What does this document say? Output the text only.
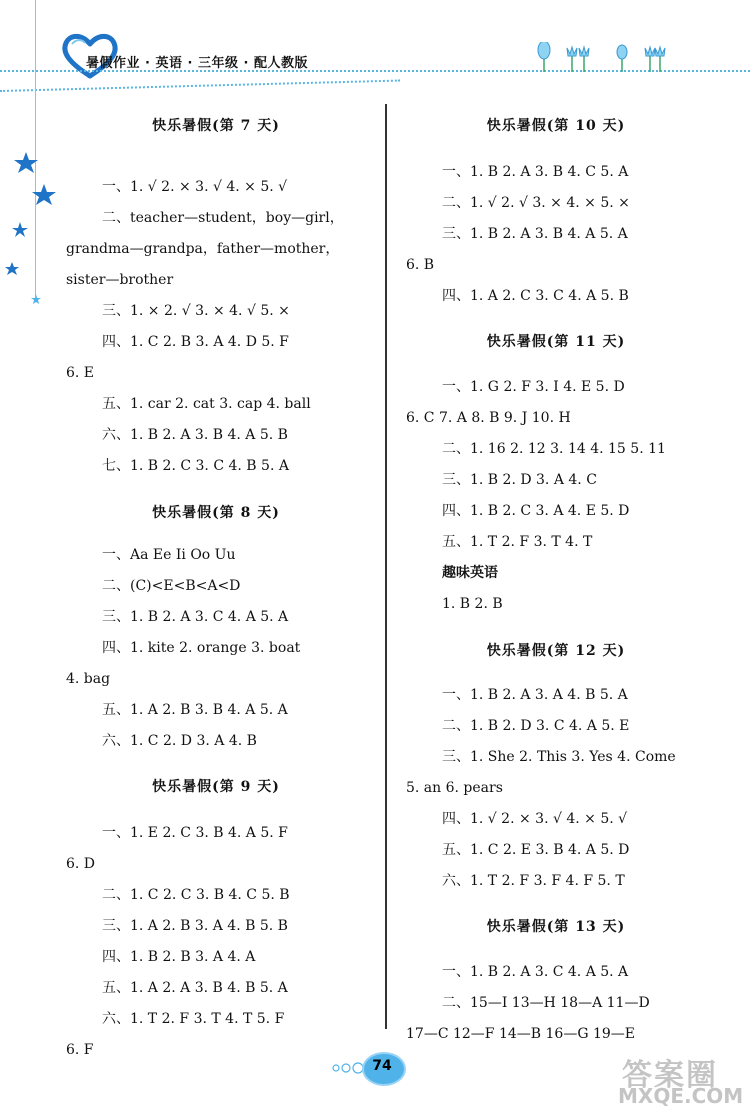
暑假作业 · 英语 · 三年级 · 配人教版
快乐暑假(第 7 天)
一、1. √ 2. × 3. √ 4. × 5. √
二、teacher—student，boy—girl，
grandma—grandpa，father—mother，
sister—brother
三、1. × 2. √ 3. × 4. √ 5. ×
四、1. C 2. B 3. A 4. D 5. F
6. E
五、1. car 2. cat 3. cap 4. ball
六、1. B 2. A 3. B 4. A 5. B
七、1. B 2. C 3. C 4. B 5. A
快乐暑假(第 8 天)
一、Aa Ee Ii Oo Uu
二、(C)<E<B<A<D
三、1. B 2. A 3. C 4. A 5. A
四、1. kite 2. orange 3. boat
4. bag
五、1. A 2. B 3. B 4. A 5. A
六、1. C 2. D 3. A 4. B
快乐暑假(第 9 天)
一、1. E 2. C 3. B 4. A 5. F
6. D
二、1. C 2. C 3. B 4. C 5. B
三、1. A 2. B 3. A 4. B 5. B
四、1. B 2. B 3. A 4. A
五、1. A 2. A 3. B 4. B 5. A
六、1. T 2. F 3. T 4. T 5. F
6. F
快乐暑假(第 10 天)
一、1. B 2. A 3. B 4. C 5. A
二、1. √ 2. √ 3. × 4. × 5. ×
三、1. B 2. A 3. B 4. A 5. A
6. B
四、1. A 2. C 3. C 4. A 5. B
快乐暑假(第 11 天)
一、1. G 2. F 3. I 4. E 5. D
6. C 7. A 8. B 9. J 10. H
二、1. 16 2. 12 3. 14 4. 15 5. 11
三、1. B 2. D 3. A 4. C
四、1. B 2. C 3. A 4. E 5. D
五、1. T 2. F 3. T 4. T
趣味英语
1. B 2. B
快乐暑假(第 12 天)
一、1. B 2. A 3. A 4. B 5. A
二、1. B 2. D 3. C 4. A 5. E
三、1. She 2. This 3. Yes 4. Come
5. an 6. pears
四、1. √ 2. × 3. √ 4. × 5. √
五、1. C 2. E 3. B 4. A 5. D
六、1. T 2. F 3. F 4. F 5. T
快乐暑假(第 13 天)
一、1. B 2. A 3. C 4. A 5. A
二、15—I 13—H 18—A 11—D
17—C 12—F 14—B 16—G 19—E
74	答案圈
MXQE.COM
